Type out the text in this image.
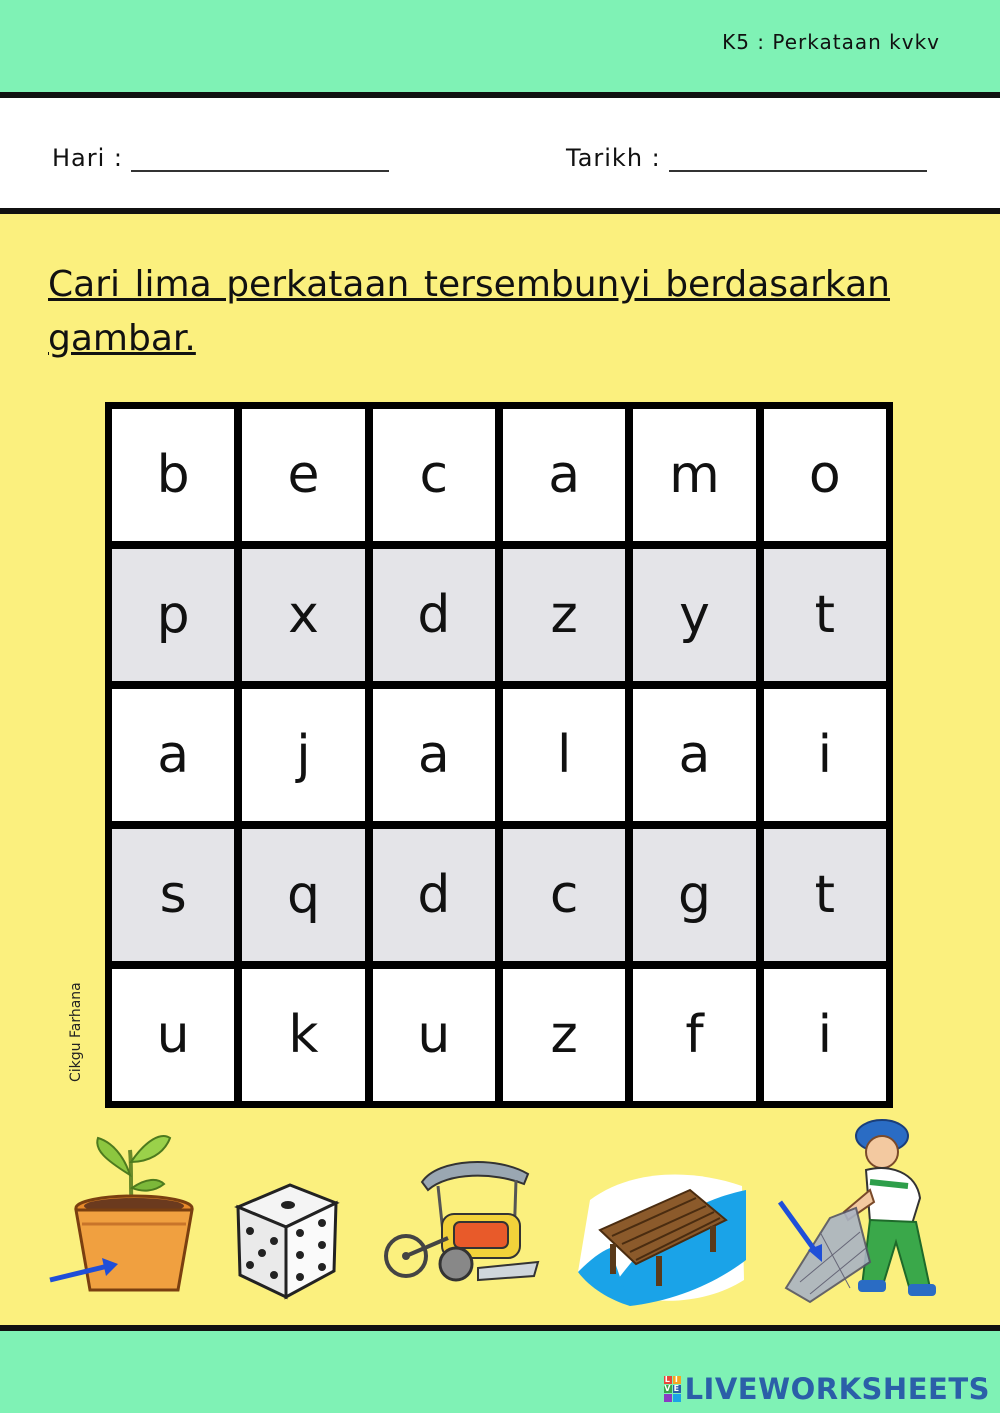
K5 : Perkataan kvkv
Hari :	Tarikh :
Cari lima perkataan tersembunyi berdasarkan gambar.
b	e	c	a	m	o
p	x	d	z	y	t
a	j	a	l	a	i
s	q	d	c	g	t
u	k	u	z	f	i
Cikgu Farhana
L I
V E LIVEWORKSHEETS
